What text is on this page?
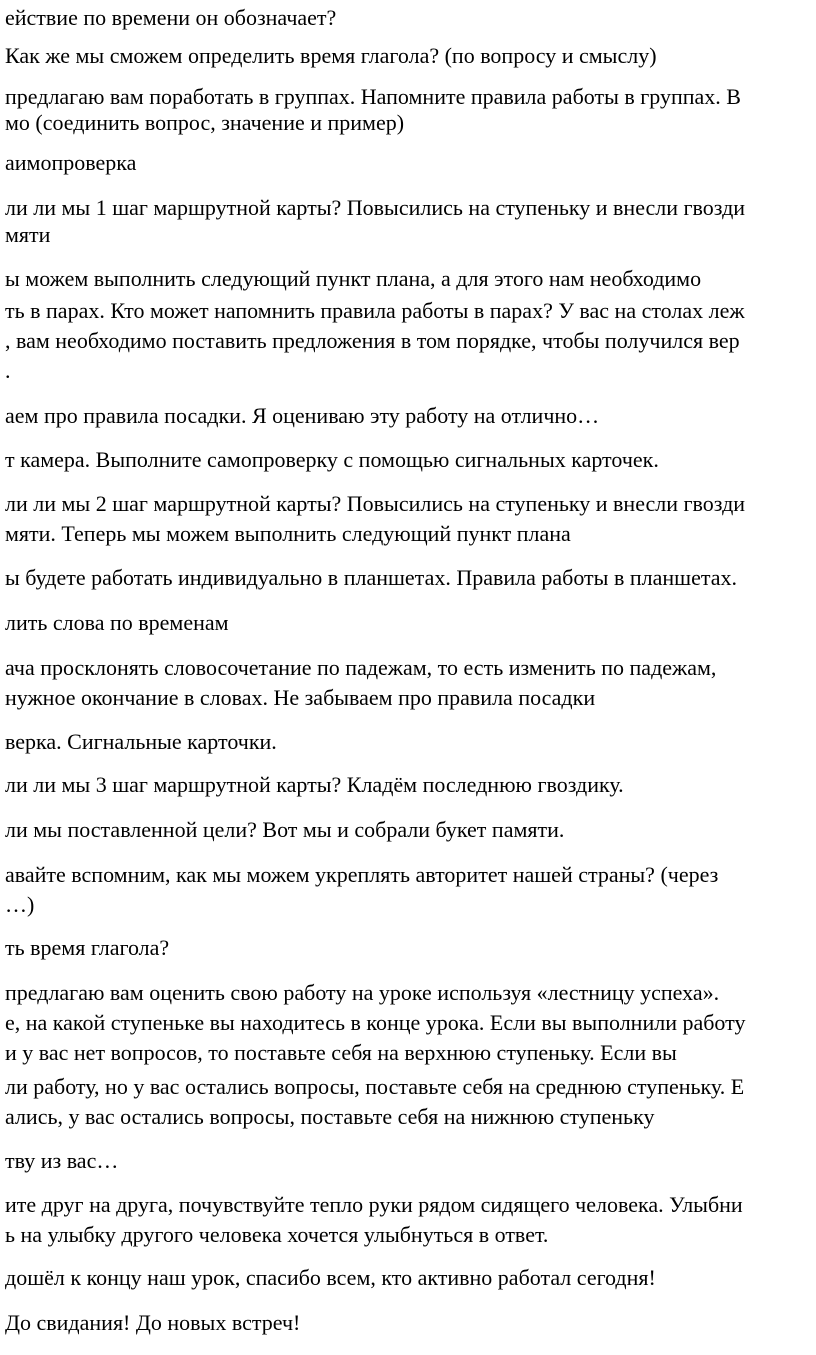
ействие по времени он обозначает?
Как же мы сможем определить время глагола? (по вопросу и смыслу)
предлагаю вам поработать в группах. Напомните правила работы в группах. В
мо (соединить вопрос, значение и пример)
аимопроверка
ли ли мы 1 шаг маршрутной карты? Повысились на ступеньку и внесли гвозди
мяти
ы можем выполнить следующий пункт плана, а для этого нам необходимо
ть в парах. Кто может напомнить правила работы в парах? У вас на столах леж
, вам необходимо поставить предложения в том порядке, чтобы получился вер
.
аем про правила посадки. Я оцениваю эту работу на отлично…
т камера. Выполните самопроверку с помощью сигнальных карточек.
ли ли мы 2 шаг маршрутной карты? Повысились на ступеньку и внесли гвозди
мяти. Теперь мы можем выполнить следующий пункт плана
ы будете работать индивидуально в планшетах. Правила работы в планшетах.
лить слова по временам
ача просклонять словосочетание по падежам, то есть изменить по падежам,
нужное окончание в словах. Не забываем про правила посадки
верка. Сигнальные карточки.
ли ли мы 3 шаг маршрутной карты? Кладём последнюю гвоздику.
ли мы поставленной цели? Вот мы и собрали букет памяти.
авайте вспомним, как мы можем укреплять авторитет нашей страны? (через
…)
ть время глагола?
предлагаю вам оценить свою работу на уроке используя «лестницу успеха».
е, на какой ступеньке вы находитесь в конце урока. Если вы выполнили работу
и у вас нет вопросов, то поставьте себя на верхнюю ступеньку. Если вы
ли работу, но у вас остались вопросы, поставьте себя на среднюю ступеньку. Е
ались, у вас остались вопросы, поставьте себя на нижнюю ступеньку
тву из вас…
ите друг на друга, почувствуйте тепло руки рядом сидящего человека. Улыбни
ь на улыбку другого человека хочется улыбнуться в ответ.
дошёл к концу наш урок, спасибо всем, кто активно работал сегодня!
До свидания! До новых встреч!
